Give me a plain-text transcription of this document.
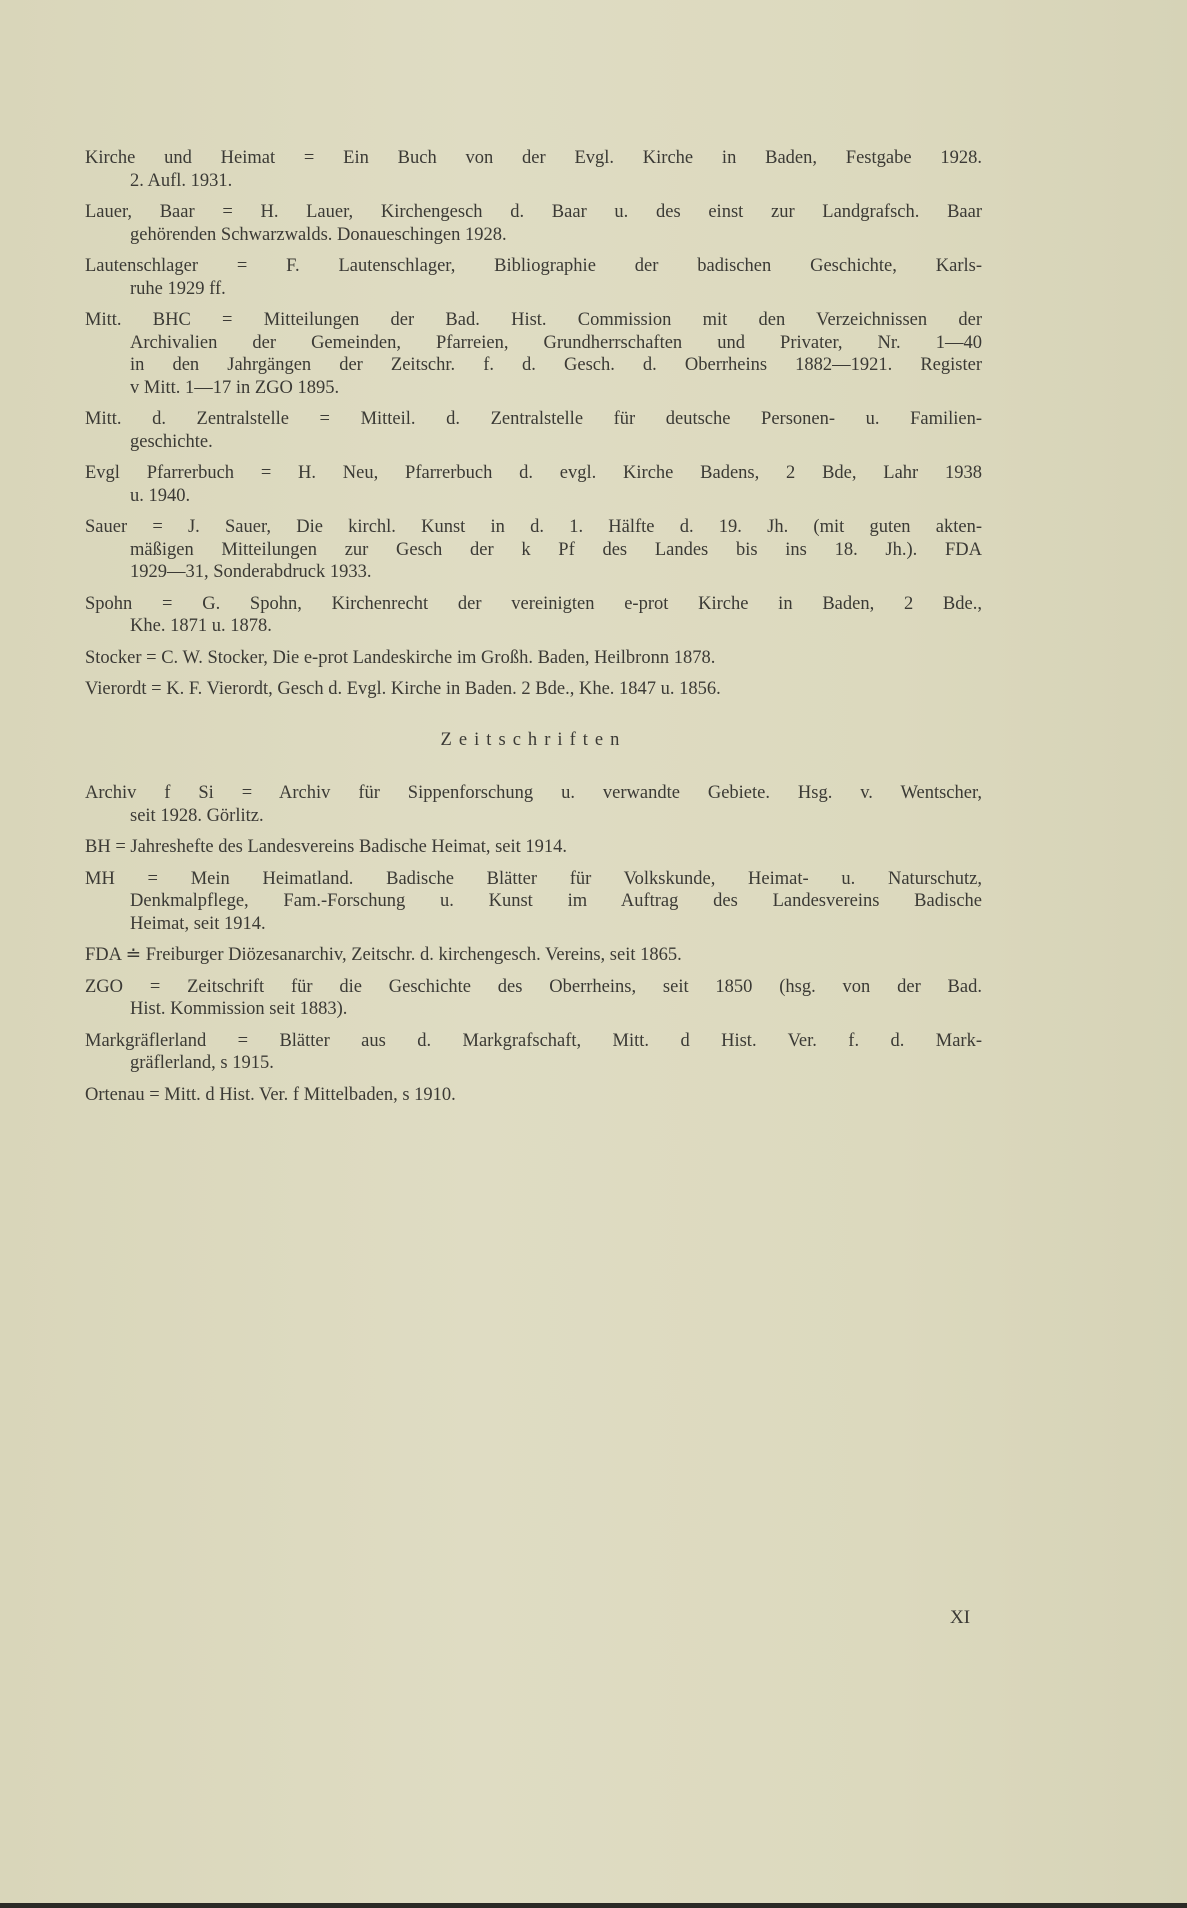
Kirche und Heimat = Ein Buch von der Evgl. Kirche in Baden, Festgabe 1928.
2. Aufl. 1931.
Lauer, Baar = H. Lauer, Kirchengesch d. Baar u. des einst zur Landgrafsch. Baar
gehörenden Schwarzwalds. Donaueschingen 1928.
Lautenschlager = F. Lautenschlager, Bibliographie der badischen Geschichte, Karls-
ruhe 1929 ff.
Mitt. BHC = Mitteilungen der Bad. Hist. Commission mit den Verzeichnissen der
Archivalien der Gemeinden, Pfarreien, Grundherrschaften und Privater, Nr. 1—40
in den Jahrgängen der Zeitschr. f. d. Gesch. d. Oberrheins 1882—1921. Register
v Mitt. 1—17 in ZGO 1895.
Mitt. d. Zentralstelle = Mitteil. d. Zentralstelle für deutsche Personen- u. Familien-
geschichte.
Evgl Pfarrerbuch = H. Neu, Pfarrerbuch d. evgl. Kirche Badens, 2 Bde, Lahr 1938
u. 1940.
Sauer = J. Sauer, Die kirchl. Kunst in d. 1. Hälfte d. 19. Jh. (mit guten akten-
mäßigen Mitteilungen zur Gesch der k Pf des Landes bis ins 18. Jh.). FDA
1929—31, Sonderabdruck 1933.
Spohn = G. Spohn, Kirchenrecht der vereinigten e-prot Kirche in Baden, 2 Bde.,
Khe. 1871 u. 1878.
Stocker = C. W. Stocker, Die e-prot Landeskirche im Großh. Baden, Heilbronn 1878.
Vierordt = K. F. Vierordt, Gesch d. Evgl. Kirche in Baden. 2 Bde., Khe. 1847 u. 1856.
Zeitschriften
Archiv f Si = Archiv für Sippenforschung u. verwandte Gebiete. Hsg. v. Wentscher,
seit 1928. Görlitz.
BH = Jahreshefte des Landesvereins Badische Heimat, seit 1914.
MH = Mein Heimatland. Badische Blätter für Volkskunde, Heimat- u. Naturschutz,
Denkmalpflege, Fam.-Forschung u. Kunst im Auftrag des Landesvereins Badische
Heimat, seit 1914.
FDA ≐ Freiburger Diözesanarchiv, Zeitschr. d. kirchengesch. Vereins, seit 1865.
ZGO = Zeitschrift für die Geschichte des Oberrheins, seit 1850 (hsg. von der Bad.
Hist. Kommission seit 1883).
Markgräflerland = Blätter aus d. Markgrafschaft, Mitt. d Hist. Ver. f. d. Mark-
gräflerland, s 1915.
Ortenau = Mitt. d Hist. Ver. f Mittelbaden, s 1910.
XI
